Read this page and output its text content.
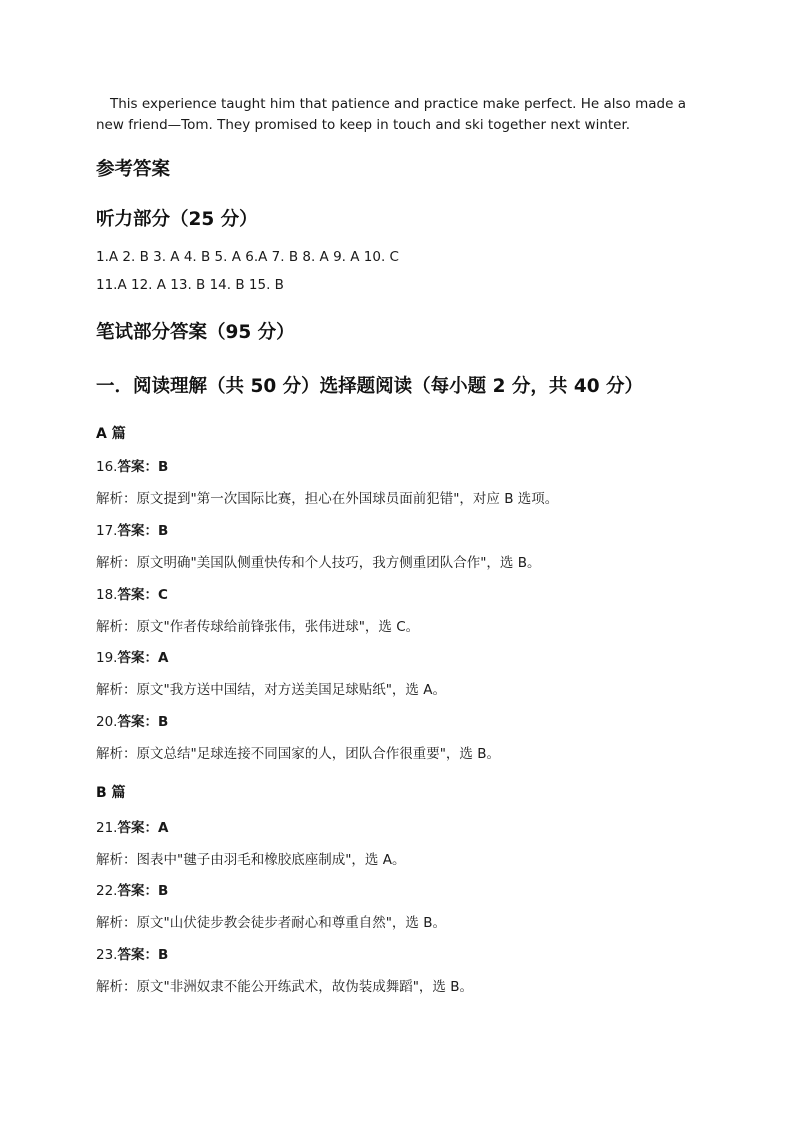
This experience taught him that patience and practice make perfect. He also made a new friend—Tom. They promised to keep in touch and ski together next winter.

参考答案
听力部分（25 分）
1.A 2. B 3. A 4. B 5. A 6.A 7. B 8. A 9. A 10. C
11.A 12. A 13. B 14. B 15. B
笔试部分答案（95 分）
一．阅读理解（共 50 分）选择题阅读（每小题 2 分，共 40 分）
A 篇
16.答案：B
解析：原文提到"第一次国际比赛，担心在外国球员面前犯错"，对应 B 选项。
17.答案：B
解析：原文明确"美国队侧重快传和个人技巧，我方侧重团队合作"，选 B。
18.答案：C
解析：原文"作者传球给前锋张伟，张伟进球"，选 C。
19.答案：A
解析：原文"我方送中国结，对方送美国足球贴纸"，选 A。
20.答案：B
解析：原文总结"足球连接不同国家的人，团队合作很重要"，选 B。
B 篇
21.答案：A
解析：图表中"毽子由羽毛和橡胶底座制成"，选 A。
22.答案：B
解析：原文"山伏徒步教会徒步者耐心和尊重自然"，选 B。
23.答案：B
解析：原文"非洲奴隶不能公开练武术，故伪装成舞蹈"，选 B。
